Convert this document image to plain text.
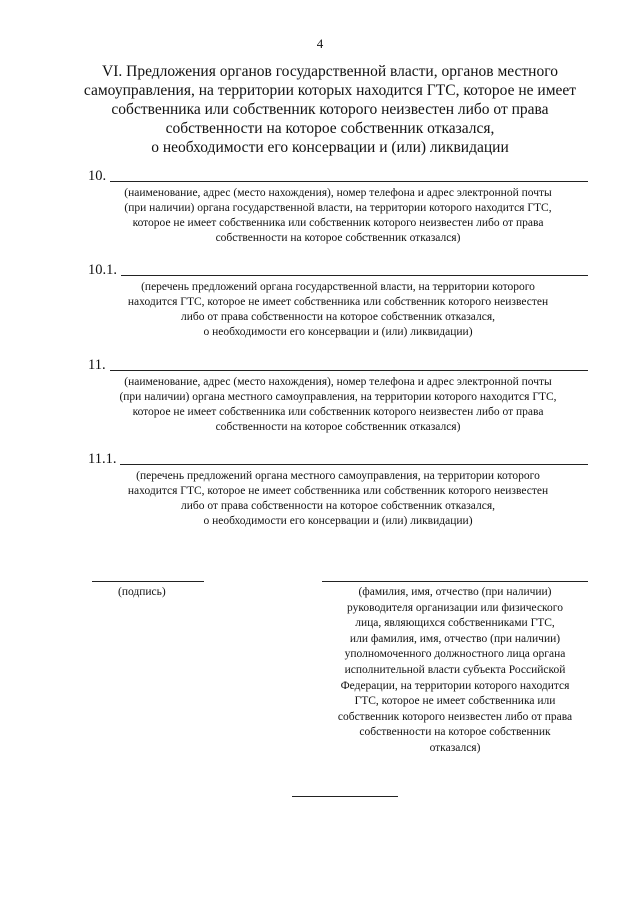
4
VI. Предложения органов государственной власти, органов местного
самоуправления, на территории которых находится ГТС, которое не имеет
собственника или собственник которого неизвестен либо от права
собственности на которое собственник отказался,
о необходимости его консервации и (или) ликвидации
10.
(наименование, адрес (место нахождения), номер телефона и адрес электронной почты
(при наличии) органа государственной власти, на территории которого находится ГТС,
которое не имеет собственника или собственник которого неизвестен либо от права
собственности на которое собственник отказался)
10.1.
(перечень предложений органа государственной власти, на территории которого
находится ГТС, которое не имеет собственника или собственник которого неизвестен
либо от права собственности на которое собственник отказался,
о необходимости его консервации и (или) ликвидации)
11.
(наименование, адрес (место нахождения), номер телефона и адрес электронной почты
(при наличии) органа местного самоуправления, на территории которого находится ГТС,
которое не имеет собственника или собственник которого неизвестен либо от права
собственности на которое собственник отказался)
11.1.
(перечень предложений органа местного самоуправления, на территории которого
находится ГТС, которое не имеет собственника или собственник которого неизвестен
либо от права собственности на которое собственник отказался,
о необходимости его консервации и (или) ликвидации)
(подпись)	(фамилия, имя, отчество (при наличии)
руководителя организации или физического
лица, являющихся собственниками ГТС,
или фамилия, имя, отчество (при наличии)
уполномоченного должностного лица органа
исполнительной власти субъекта Российской
Федерации, на территории которого находится
ГТС, которое не имеет собственника или
собственник которого неизвестен либо от права
собственности на которое собственник
отказался)
